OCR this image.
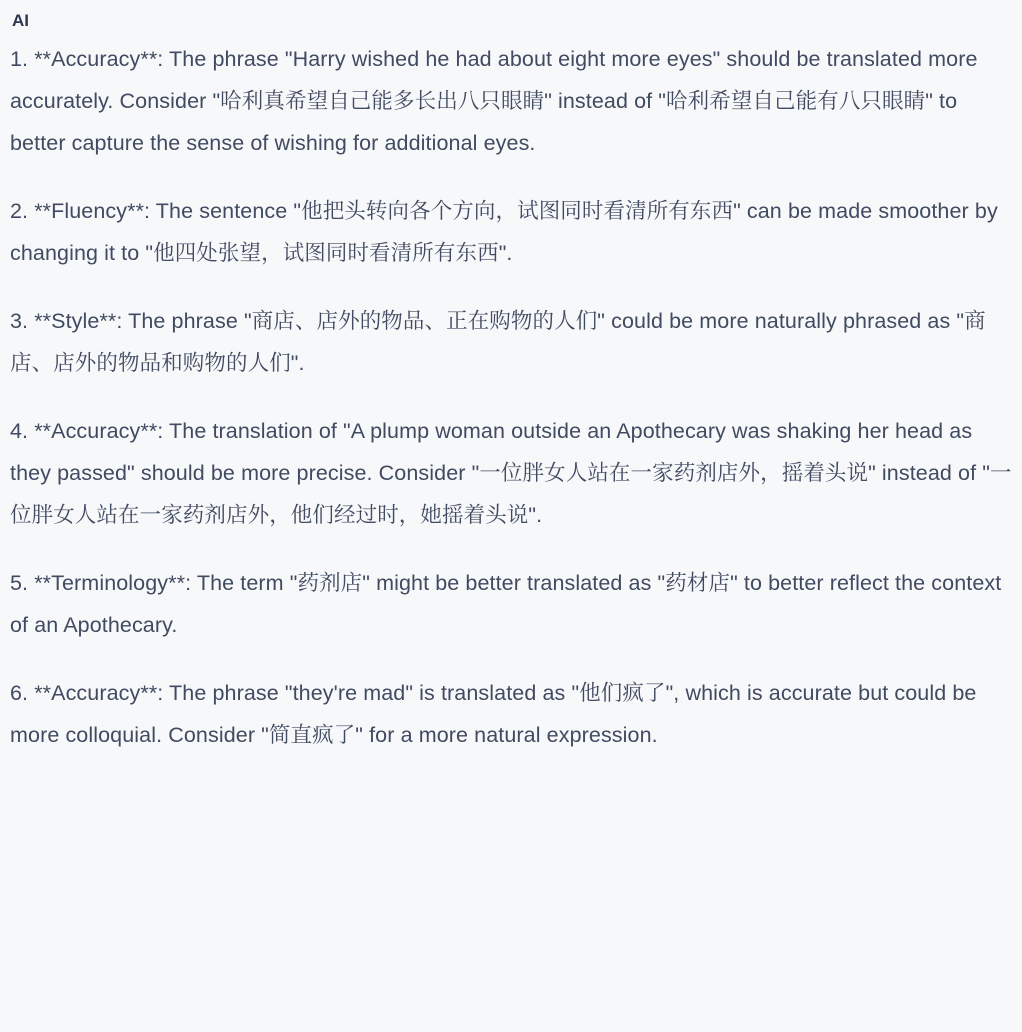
AI

1. **Accuracy**: The phrase "Harry wished he had about eight more eyes" should be translated more accurately. Consider "哈利真希望自己能多长出八只眼睛" instead of "哈利希望自己能有八只眼睛" to better capture the sense of wishing for additional eyes.

2. **Fluency**: The sentence "他把头转向各个方向，试图同时看清所有东西" can be made smoother by changing it to "他四处张望，试图同时看清所有东西".

3. **Style**: The phrase "商店、店外的物品、正在购物的人们" could be more naturally phrased as "商店、店外的物品和购物的人们".

4. **Accuracy**: The translation of "A plump woman outside an Apothecary was shaking her head as they passed" should be more precise. Consider "一位胖女人站在一家药剂店外，摇着头说" instead of "一位胖女人站在一家药剂店外，他们经过时，她摇着头说".

5. **Terminology**: The term "药剂店" might be better translated as "药材店" to better reflect the context of an Apothecary.

6. **Accuracy**: The phrase "they're mad" is translated as "他们疯了", which is accurate but could be more colloquial. Consider "简直疯了" for a more natural expression.
